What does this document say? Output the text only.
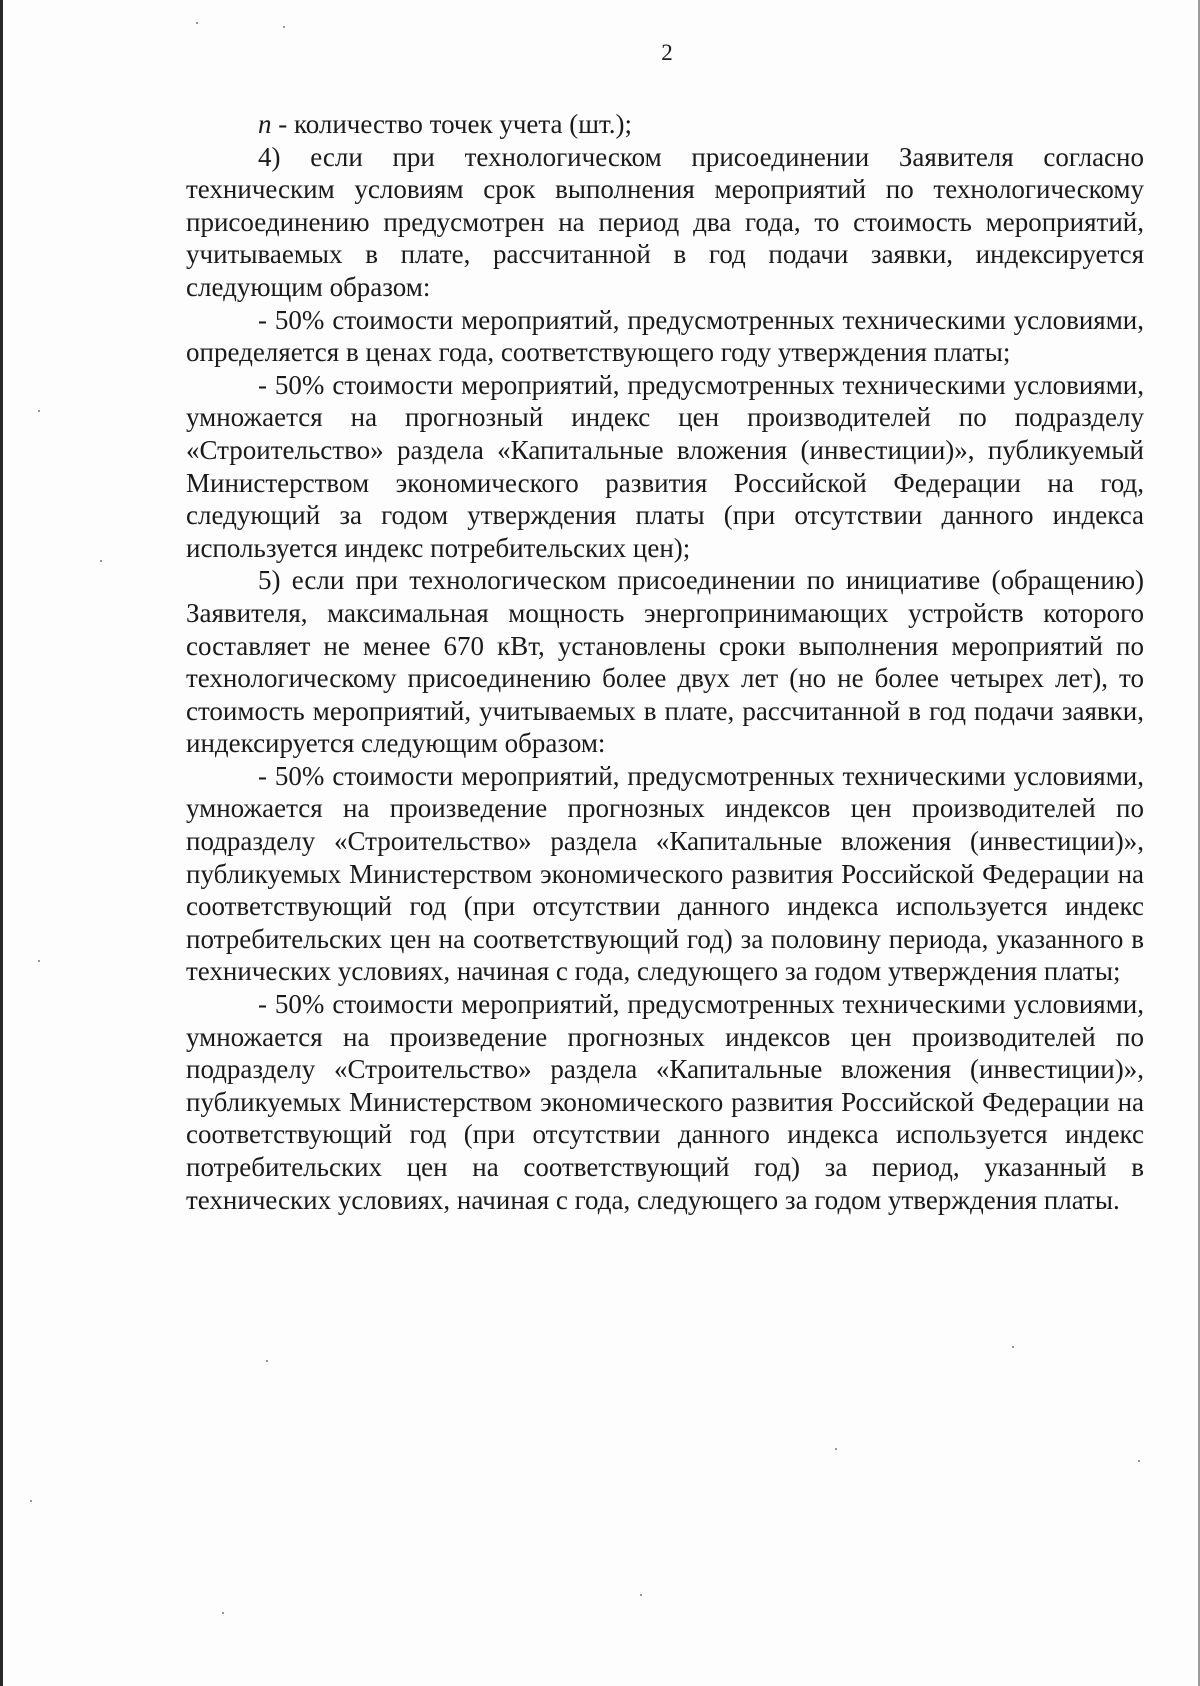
2

n - количество точек учета (шт.);

4) если при технологическом присоединении Заявителя согласно техническим условиям срок выполнения мероприятий по технологическому присоединению предусмотрен на период два года, то стоимость мероприятий, учитываемых в плате, рассчитанной в год подачи заявки, индексируется следующим образом:

- 50% стоимости мероприятий, предусмотренных техническими условиями, определяется в ценах года, соответствующего году утверждения платы;

- 50% стоимости мероприятий, предусмотренных техническими условиями, умножается на прогнозный индекс цен производителей по подразделу «Строительство» раздела «Капитальные вложения (инвестиции)», публикуемый Министерством экономического развития Российской Федерации на год, следующий за годом утверждения платы (при отсутствии данного индекса используется индекс потребительских цен);

5) если при технологическом присоединении по инициативе (обращению) Заявителя, максимальная мощность энергопринимающих устройств которого составляет не менее 670 кВт, установлены сроки выполнения мероприятий по технологическому присоединению более двух лет (но не более четырех лет), то стоимость мероприятий, учитываемых в плате, рассчитанной в год подачи заявки, индексируется следующим образом:

- 50% стоимости мероприятий, предусмотренных техническими условиями, умножается на произведение прогнозных индексов цен производителей по подразделу «Строительство» раздела «Капитальные вложения (инвестиции)», публикуемых Министерством экономического развития Российской Федерации на соответствующий год (при отсутствии данного индекса используется индекс потребительских цен на соответствующий год) за половину периода, указанного в технических условиях, начиная с года, следующего за годом утверждения платы;

- 50% стоимости мероприятий, предусмотренных техническими условиями, умножается на произведение прогнозных индексов цен производителей по подразделу «Строительство» раздела «Капитальные вложения (инвестиции)», публикуемых Министерством экономического развития Российской Федерации на соответствующий год (при отсутствии данного индекса используется индекс потребительских цен на соответствующий год) за период, указанный в технических условиях, начиная с года, следующего за годом утверждения платы.
